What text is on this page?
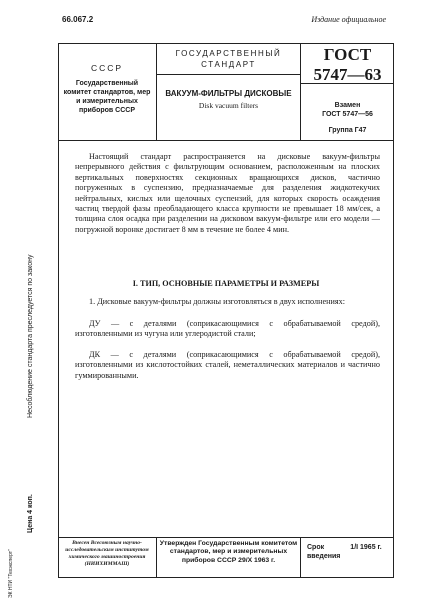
66.067.2	Издание официальное
СССР
Государственный комитет стандартов, мер и измерительных приборов СССР
ГОСУДАРСТВЕННЫЙ СТАНДАРТ
ВАКУУМ-ФИЛЬТРЫ ДИСКОВЫЕ
Disk vacuum filters
ГОСТ
5747—63
Взамен
ГОСТ 5747—56
Группа Г47
Настоящий стандарт распространяется на дисковые вакуум-фильтры непрерывного действия с фильтрующим основанием, расположенным на плоских вертикальных поверхностях секционных вращающихся дисков, частично погруженных в суспензию, предназначаемые для разделения жидкотекучих нейтральных, кислых или щелочных суспензий, для которых скорость осаждения частиц твердой фазы преобладающего класса крупности не превышает 18 мм/сек, а толщина слоя осадка при разделении на дисковом вакуум-фильтре или его модели — погружной воронке достигает 8 мм в течение не более 4 мин.
I. ТИП, ОСНОВНЫЕ ПАРАМЕТРЫ И РАЗМЕРЫ
1. Дисковые вакуум-фильтры должны изготовляться в двух исполнениях:
ДУ — с деталями (соприкасающимися с обрабатываемой средой), изготовленными из чугуна или углеродистой стали;
ДК — с деталями (соприкасающимися с обрабатываемой средой), изготовленными из кислотостойких сталей, неметаллических материалов и частично гуммированными.
Внесен Всесоюзным научно-исследовательским институтом химического машиностроения (НИИХИММАШ)
Утвержден Государственным комитетом стандартов, мер и измерительных приборов СССР 29/X 1963 г.
Срок введения
1/I 1965 г.
Несоблюдение стандарта преследуется по закону
Цена 4 коп.
ЭК НТИ "Техэксперт"
